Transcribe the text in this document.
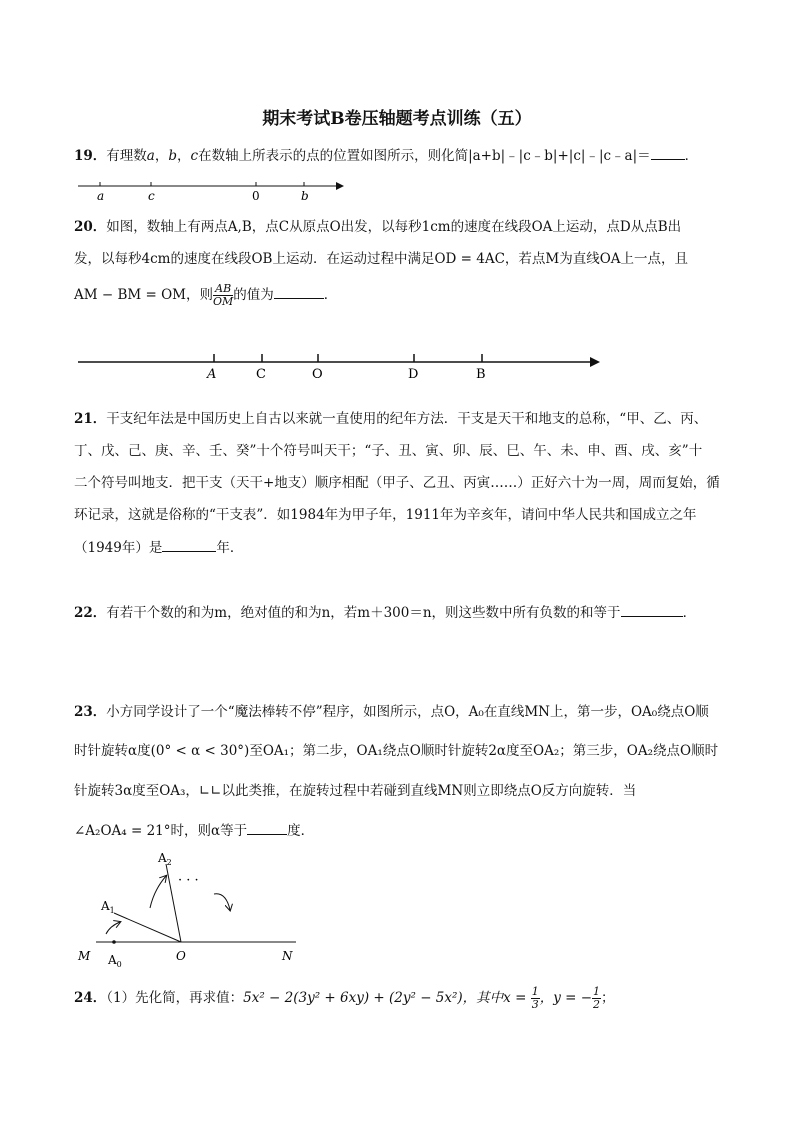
期末考试B卷压轴题考点训练（五）
19．有理数a，b，c在数轴上所表示的点的位置如图所示，则化简|a+b|﹣|c﹣b|+|c|﹣|c﹣a|＝	．
a	c	0	b
20．如图，数轴上有两点A,B，点C从原点O出发，以每秒1cm的速度在线段OA上运动，点D从点B出
发，以每秒4cm的速度在线段OB上运动．在运动过程中满足OD = 4AC，若点M为直线OA上一点，且
AM − BM = OM，则 $\frac{AB}{OM}$ 的值为	．
A	C	O	D	B
21．干支纪年法是中国历史上自古以来就一直使用的纪年方法．干支是天干和地支的总称，“甲、乙、丙、
丁、戊、己、庚、辛、壬、癸”十个符号叫天干；“子、丑、寅、卯、辰、巳、午、未、申、酉、戌、亥”十
二个符号叫地支．把干支（天干+地支）顺序相配（甲子、乙丑、丙寅……）正好六十为一周，周而复始，循
环记录，这就是俗称的“干支表”．如1984年为甲子年，1911年为辛亥年，请问中华人民共和国成立之年
（1949年）是	年．
22．有若干个数的和为m，绝对值的和为n，若m＋300＝n，则这些数中所有负数的和等于	．
23．小方同学设计了一个“魔法棒转不停”程序，如图所示，点O，A₀在直线MN上，第一步，OA₀绕点O顺
时针旋转α度(0° < α < 30°)至OA₁；第二步，OA₁绕点O顺时针旋转2α度至OA₂；第三步，OA₂绕点O顺时
针旋转3α度至OA₃，∟∟以此类推，在旋转过程中若碰到直线MN则立即绕点O反方向旋转．当
∠A₂OA₄ = 21°时，则α等于	度．
· · ·
M	N
O
$A_0$
$A_1$
$A_2$
24．（1）先化简，再求值：5x² − 2(3y² + 6xy) + (2y² − 5x²)，其中$x = \frac{1}{3}$ ，y = − $\frac{1}{2}$ ；
